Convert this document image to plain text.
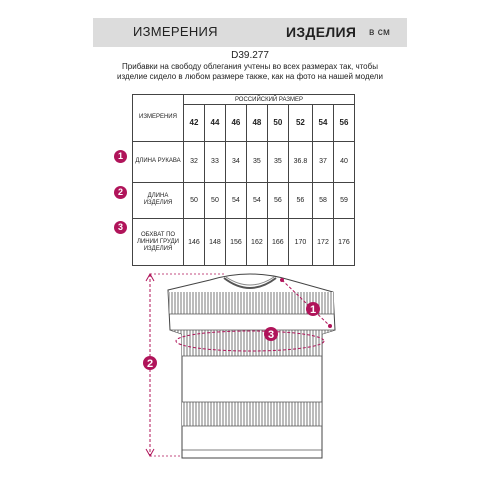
ИЗМЕРЕНИЯ	ИЗДЕЛИЯ в см
D39.277
Прибавки на свободу облегания учтены во всех размерах так, чтобы изделие сидело в любом размере также, как на фото на нашей модели
ИЗМЕРЕНИЯ	РОССИЙСКИЙ РАЗМЕР							
	42	44	46	48	50	52	54	56
ДЛИНА РУКАВА	32	33	34	35	35	36.8	37	40
ДЛИНА ИЗДЕЛИЯ	50	50	54	54	56	56	58	59
ОБХВАТ ПО ЛИНИИ ГРУДИ ИЗДЕЛИЯ	146	148	156	162	166	170	172	176
1
2
3
1
3
2
